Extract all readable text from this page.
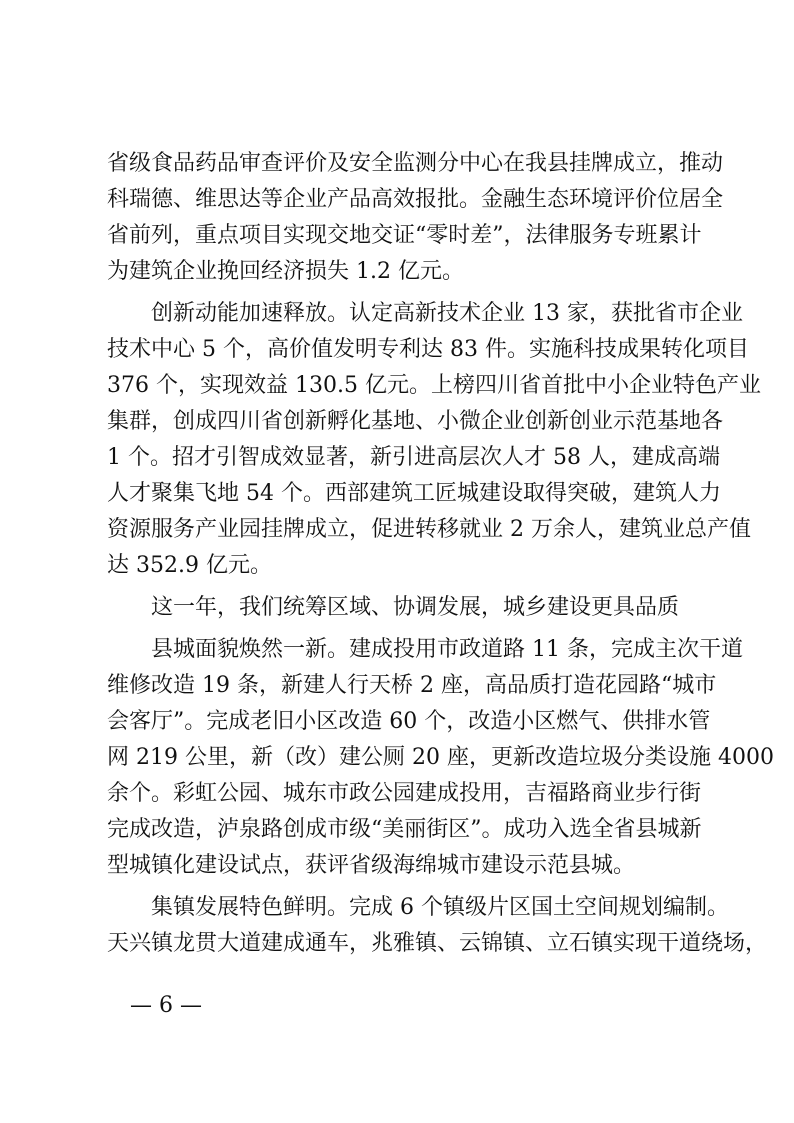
省级食品药品审查评价及安全监测分中心在我县挂牌成立，推动
科瑞德、维思达等企业产品高效报批。金融生态环境评价位居全
省前列，重点项目实现交地交证“零时差”，法律服务专班累计
为建筑企业挽回经济损失 1.2 亿元。
创新动能加速释放。认定高新技术企业 13 家，获批省市企业
技术中心 5 个，高价值发明专利达 83 件。实施科技成果转化项目
376 个，实现效益 130.5 亿元。上榜四川省首批中小企业特色产业
集群，创成四川省创新孵化基地、小微企业创新创业示范基地各
1 个。招才引智成效显著，新引进高层次人才 58 人，建成高端
人才聚集飞地 54 个。西部建筑工匠城建设取得突破，建筑人力
资源服务产业园挂牌成立，促进转移就业 2 万余人，建筑业总产值
达 352.9 亿元。
这一年，我们统筹区域、协调发展，城乡建设更具品质
县城面貌焕然一新。建成投用市政道路 11 条，完成主次干道
维修改造 19 条，新建人行天桥 2 座，高品质打造花园路“城市
会客厅”。完成老旧小区改造 60 个，改造小区燃气、供排水管
网 219 公里，新（改）建公厕 20 座，更新改造垃圾分类设施 4000
余个。彩虹公园、城东市政公园建成投用，吉福路商业步行街
完成改造，泸泉路创成市级“美丽街区”。成功入选全省县城新
型城镇化建设试点，获评省级海绵城市建设示范县城。
集镇发展特色鲜明。完成 6 个镇级片区国土空间规划编制。
天兴镇龙贯大道建成通车，兆雅镇、云锦镇、立石镇实现干道绕场，
— 6 —
